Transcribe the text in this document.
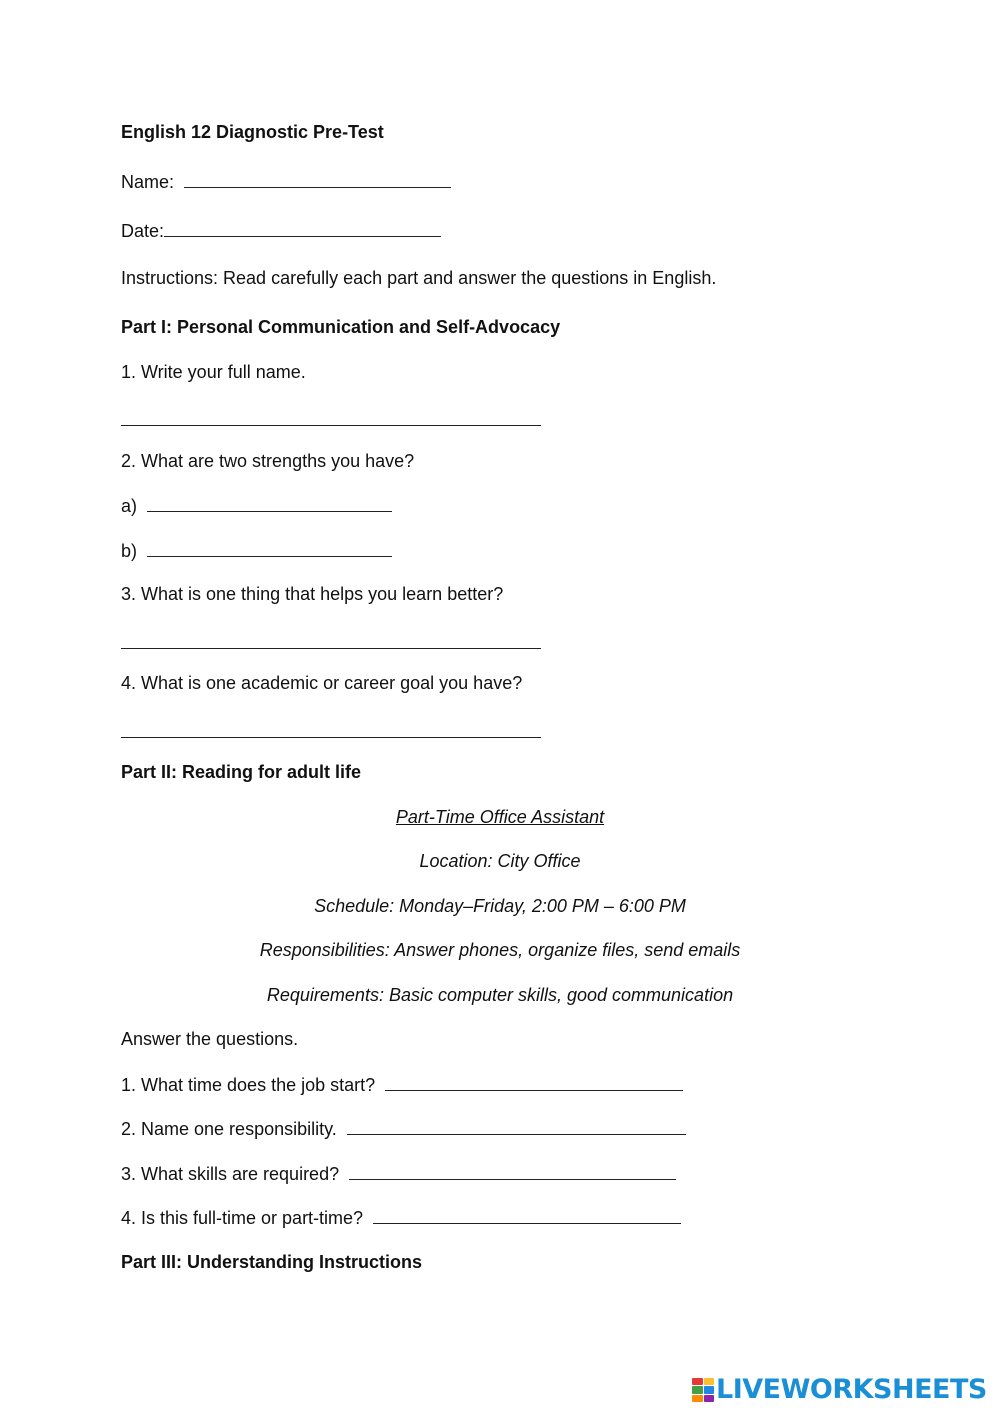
English 12 Diagnostic Pre-Test
Name:
Date:
Instructions: Read carefully each part and answer the questions in English.
Part I: Personal Communication and Self-Advocacy
1. Write your full name.
2. What are two strengths you have?
a)
b)
3. What is one thing that helps you learn better?
4. What is one academic or career goal you have?
Part II: Reading for adult life
Part-Time Office Assistant
Location: City Office
Schedule: Monday–Friday, 2:00 PM – 6:00 PM
Responsibilities: Answer phones, organize files, send emails
Requirements: Basic computer skills, good communication
Answer the questions.
1. What time does the job start?
2. Name one responsibility.
3. What skills are required?
4. Is this full-time or part-time?
Part III: Understanding Instructions
LIVEWORKSHEETS
